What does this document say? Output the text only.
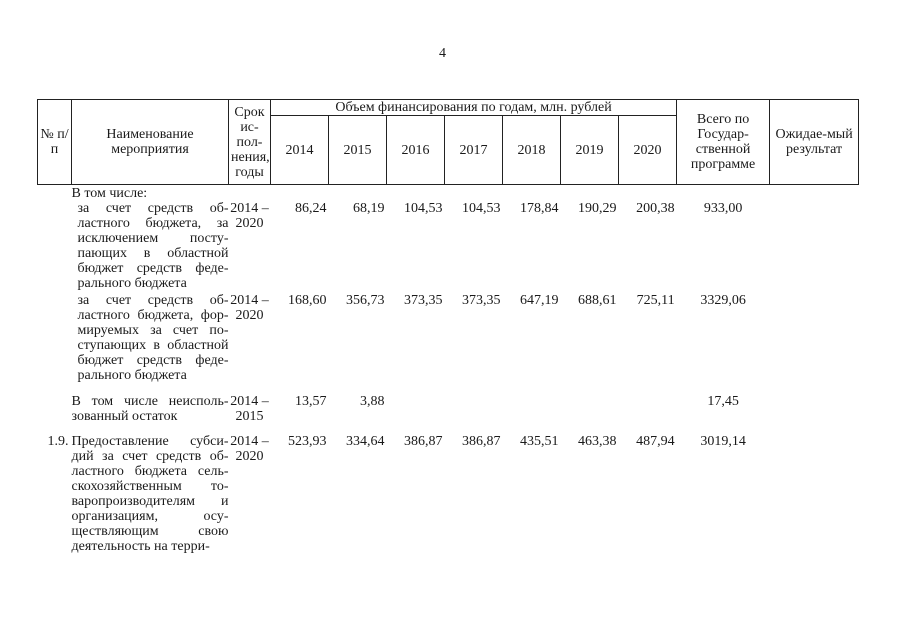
4
№ п/п	Наименование мероприятия	Срок ис-пол-нения, годы	Объем финансирования по годам, млн. рублей							Всего по Государ-ственной программе	Ожидае-мый результат
			2014	2015	2016	2017	2018	2019	2020		
	В том числе:										
	за счет средств об-ластного бюджета, за исключением посту-пающих в областной бюджет средств феде-рального бюджета	2014 – 2020	86,24	68,19	104,53	104,53	178,84	190,29	200,38	933,00	
	за счет средств об-ластного бюджета, фор-мируемых за счет по-ступающих в областной бюджет средств феде-рального бюджета	2014 – 2020	168,60	356,73	373,35	373,35	647,19	688,61	725,11	3329,06	
	В том числе неисполь-зованный остаток	2014 – 2015	13,57	3,88						17,45	
1.9.	Предоставление субси-дий за счет средств об-ластного бюджета сель-скохозяйственным то-варопроизводителям и организациям, осу-ществляющим свою деятельность на терри-	2014 – 2020	523,93	334,64	386,87	386,87	435,51	463,38	487,94	3019,14	
